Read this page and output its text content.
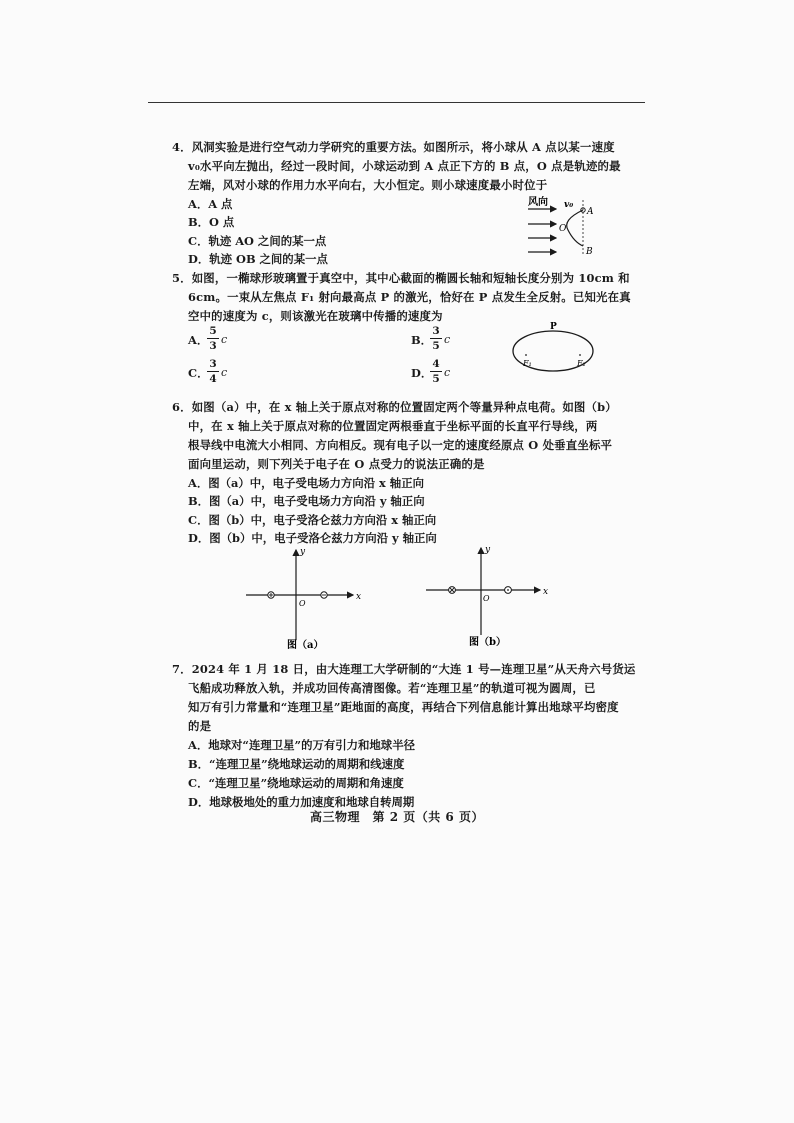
4．风洞实验是进行空气动力学研究的重要方法。如图所示，将小球从 A 点以某一速度
v₀水平向左抛出，经过一段时间，小球运动到 A 点正下方的 B 点，O 点是轨迹的最
左端，风对小球的作用力水平向右，大小恒定。则小球速度最小时位于
A．A 点
B．O 点
C．轨迹 AO 之间的某一点
D．轨迹 OB 之间的某一点
风向 v₀
A
O
B
5．如图，一椭球形玻璃置于真空中，其中心截面的椭圆长轴和短轴长度分别为 10cm 和
6cm。一束从左焦点 F₁ 射向最高点 P 的激光，恰好在 P 点发生全反射。已知光在真
空中的速度为 c，则该激光在玻璃中传播的速度为
A．
$\frac{5}{3}$ c	B．
$\frac{3}{5}$ c
C．
$\frac{3}{4}$ c	D．
$\frac{4}{5}$ c
P
F₁	F₂
6．如图（a）中，在 x 轴上关于原点对称的位置固定两个等量异种点电荷。如图（b）
中，在 x 轴上关于原点对称的位置固定两根垂直于坐标平面的长直平行导线，两
根导线中电流大小相同、方向相反。现有电子以一定的速度经原点 O 处垂直坐标平
面向里运动，则下列关于电子在 O 点受力的说法正确的是
A．图（a）中，电子受电场力方向沿 x 轴正向
B．图（a）中，电子受电场力方向沿 y 轴正向
C．图（b）中，电子受洛仑兹力方向沿 x 轴正向
D．图（b）中，电子受洛仑兹力方向沿 y 轴正向
x
y
O
图（a）
x
y
O
图（b）
7．2024 年 1 月 18 日，由大连理工大学研制的“大连 1 号—连理卫星”从天舟六号货运
飞船成功释放入轨，并成功回传高清图像。若“连理卫星”的轨道可视为圆周，已
知万有引力常量和“连理卫星”距地面的高度，再结合下列信息能计算出地球平均密度
的是
A．地球对“连理卫星”的万有引力和地球半径
B．“连理卫星”绕地球运动的周期和线速度
C．“连理卫星”绕地球运动的周期和角速度
D．地球极地处的重力加速度和地球自转周期
高三物理　第 2 页（共 6 页）
